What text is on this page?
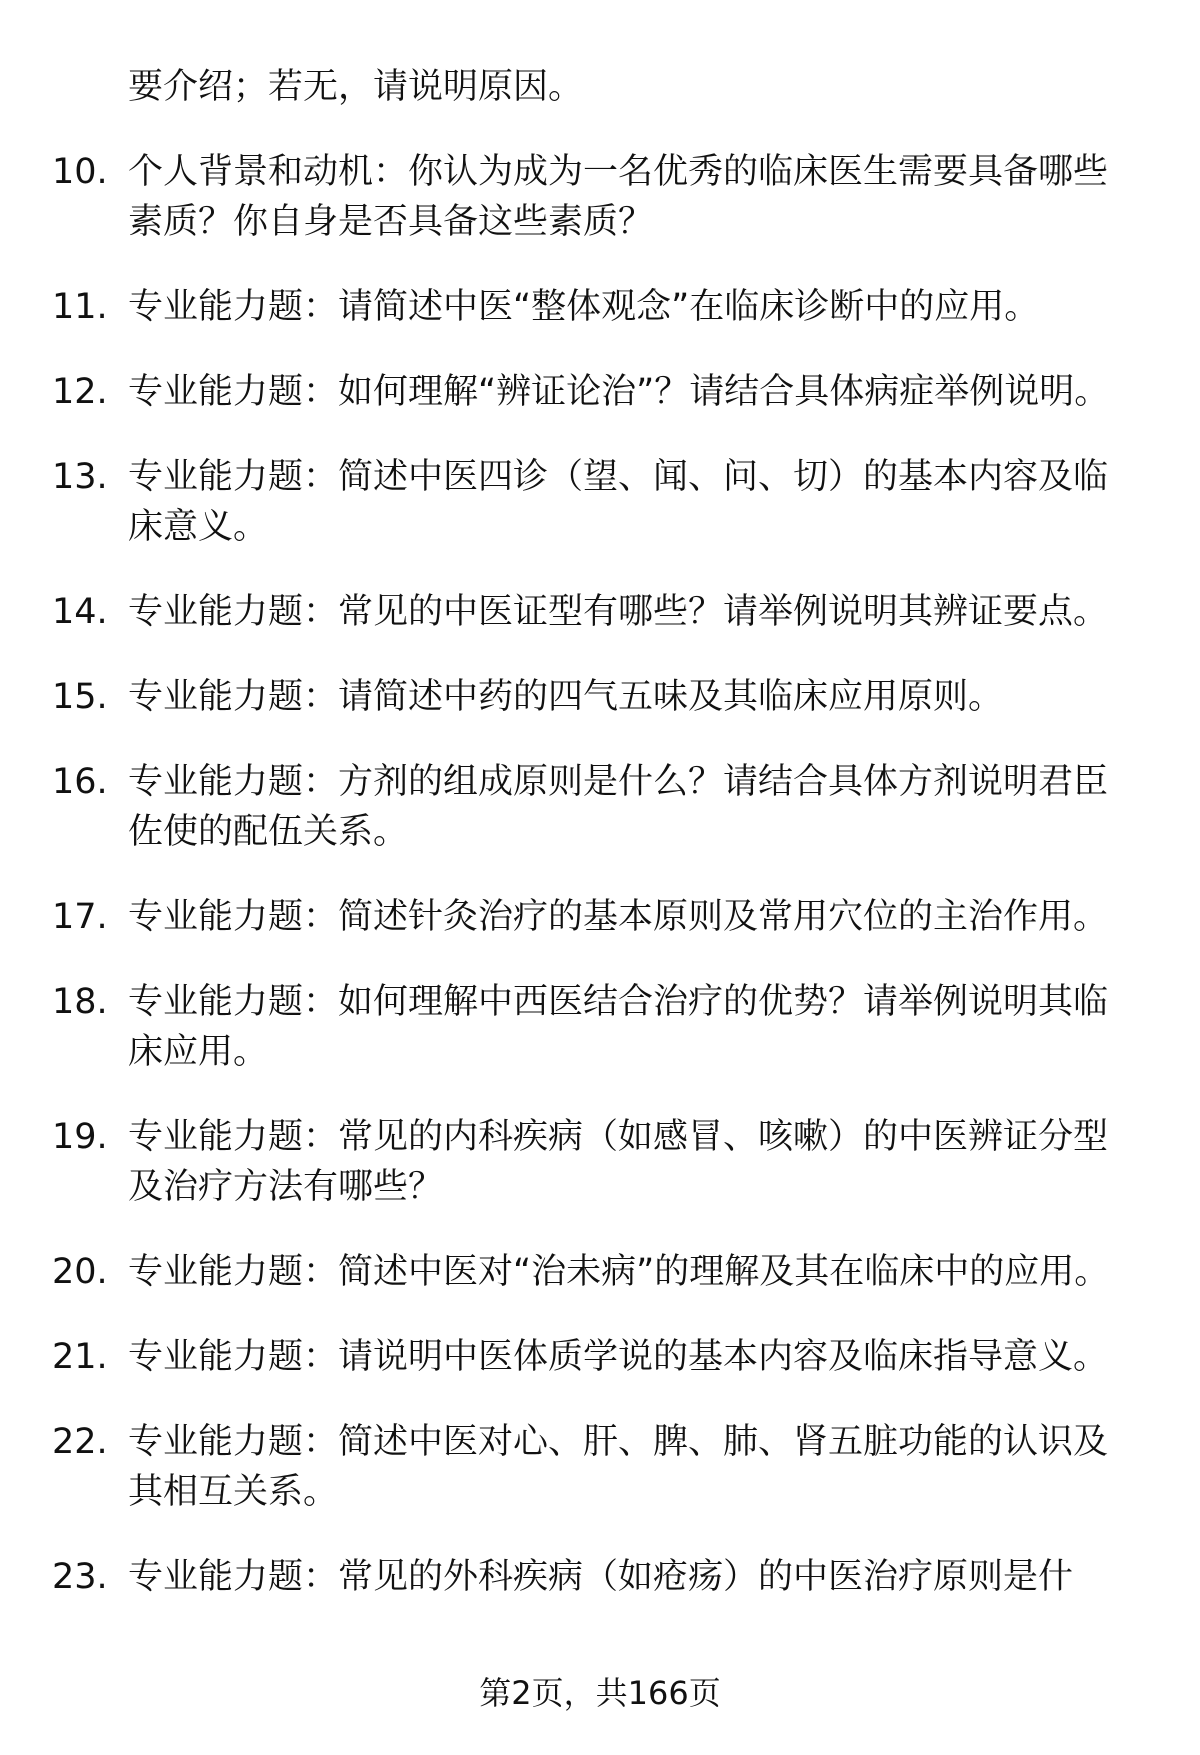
要介绍；若无，请说明原因。
10. 个人背景和动机：你认为成为一名优秀的临床医生需要具备哪些素质？你自身是否具备这些素质？
11. 专业能力题：请简述中医“整体观念”在临床诊断中的应用。
12. 专业能力题：如何理解“辨证论治”？请结合具体病症举例说明。
13. 专业能力题：简述中医四诊（望、闻、问、切）的基本内容及临床意义。
14. 专业能力题：常见的中医证型有哪些？请举例说明其辨证要点。
15. 专业能力题：请简述中药的四气五味及其临床应用原则。
16. 专业能力题：方剂的组成原则是什么？请结合具体方剂说明君臣佐使的配伍关系。
17. 专业能力题：简述针灸治疗的基本原则及常用穴位的主治作用。
18. 专业能力题：如何理解中西医结合治疗的优势？请举例说明其临床应用。
19. 专业能力题：常见的内科疾病（如感冒、咳嗽）的中医辨证分型及治疗方法有哪些？
20. 专业能力题：简述中医对“治未病”的理解及其在临床中的应用。
21. 专业能力题：请说明中医体质学说的基本内容及临床指导意义。
22. 专业能力题：简述中医对心、肝、脾、肺、肾五脏功能的认识及其相互关系。
23. 专业能力题：常见的外科疾病（如疮疡）的中医治疗原则是什
第2页，共166页
